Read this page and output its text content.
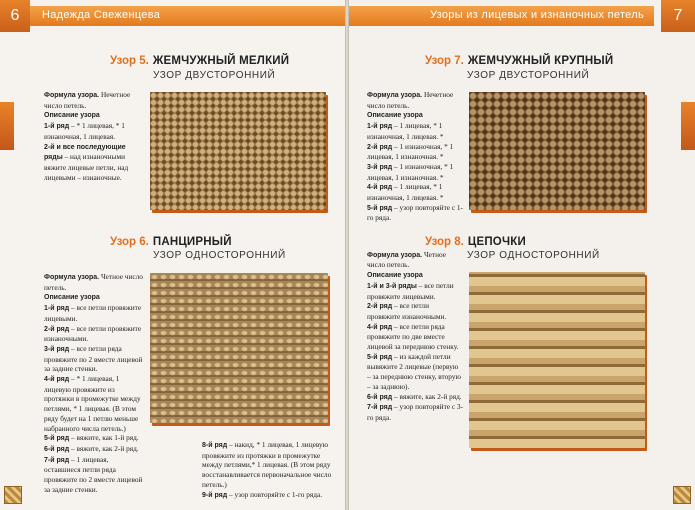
6	Надежда Свеженцева
Узор 5. ЖЕМЧУЖНЫЙ МЕЛКИЙ
УЗОР ДВУСТОРОННИЙ

Формула узора. Нечетное число петель.

Описание узора

1-й ряд – * 1 лицевая, * 1 изнаночная, 1 лицевая.

2-й и все последующие ряды – над изнаночными вяжите лицевые петли, над лицевыми – изнаночные.

Узор 6. ПАНЦИРНЫЙ
УЗОР ОДНОСТОРОННИЙ

Формула узора. Четное число петель.

Описание узора

1-й ряд – все петли провяжите лицевыми.

2-й ряд – все петли провяжите изнаночными.

3-й ряд – все петли ряда провяжите по 2 вместе лицевой за задние стенки.

4-й ряд – * 1 лицевая, 1 лицевую провяжите из протяжки в промежутке между петлями, * 1 лицевая. (В этом ряду будет на 1 петлю меньше набранного числа петель.)

5-й ряд – вяжите, как 1-й ряд.

6-й ряд – вяжите, как 2-й ряд.

7-й ряд – 1 лицевая, оставшиеся петли ряда провяжите по 2 вместе лицевой за задние стенки.

8-й ряд – накид, * 1 лицевая, 1 лицевую провяжите из протяжки в промежутке между петлями,* 1 лицевая. (В этом ряду восстанавливается первоначальное число петель.)

9-й ряд – узор повторяйте с 1-го ряда.

7
Узоры из лицевых и изнаночных петель
Узор 7. ЖЕМЧУЖНЫЙ КРУПНЫЙ
УЗОР ДВУСТОРОННИЙ

Формула узора. Нечетное число петель.

Описание узора

1-й ряд – 1 лицевая, * 1 изнаночная, 1 лицевая. *

2-й ряд – 1 изнаночная, * 1 лицевая, 1 изнаночная. *

3-й ряд – 1 изнаночная, * 1 лицевая, 1 изнаночная. *

4-й ряд – 1 лицевая, * 1 изнаночная, 1 лицевая. *

5-й ряд – узор повторяйте с 1-го ряда.

Узор 8. ЦЕПОЧКИ
УЗОР ОДНОСТОРОННИЙ

Формула узора. Четное число петель.

Описание узора

1-й и 3-й ряды – все петли провяжите лицевыми.

2-й ряд – все петли провяжите изнаночными.

4-й ряд – все петли ряда провяжите по две вместе лицевой за переднюю стенку.

5-й ряд – из каждой петли вывяжите 2 лицевые (первую – за переднюю стенку, вторую – за заднюю).

6-й ряд – вяжите, как 2-й ряд.

7-й ряд – узор повторяйте с 3-го ряда.
